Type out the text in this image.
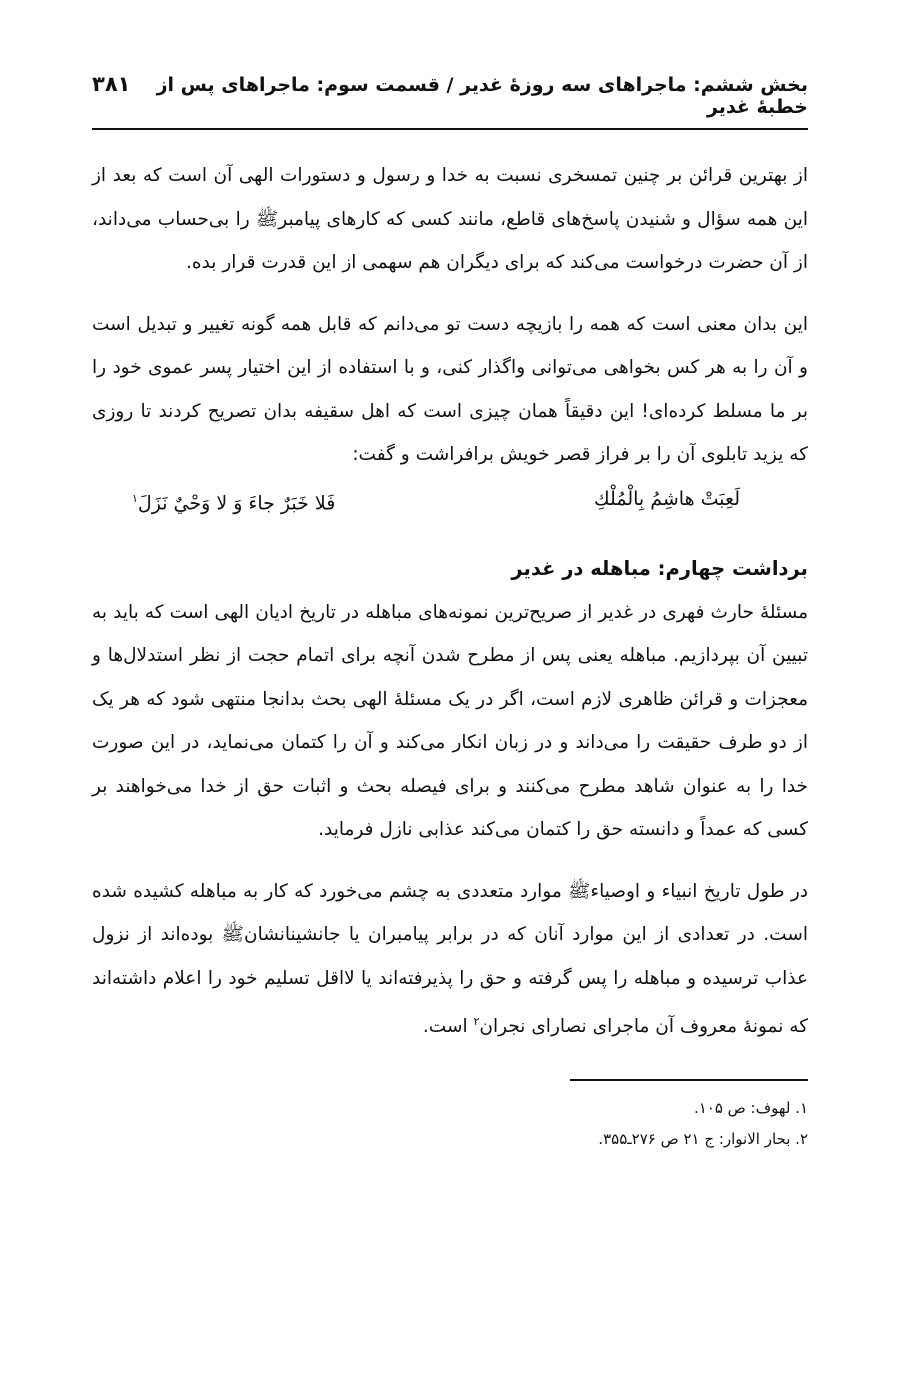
بخش ششم: ماجراهای سه روزهٔ غدیر / قسمت سوم: ماجراهای پس از خطبهٔ غدیر
۳۸۱

از بهترین قرائن بر چنین تمسخری نسبت به خدا و رسول و دستورات الهی آن است که بعد از این همه سؤال و شنیدن پاسخ‌های قاطع، مانند کسی که کارهای پیامبرﷺ را بی‌حساب می‌داند، از آن حضرت درخواست می‌کند که برای دیگران هم سهمی از این قدرت قرار بده.

این بدان معنی است که همه را بازیچه دست تو می‌دانم که قابل همه گونه تغییر و تبدیل است و آن را به هر کس بخواهی می‌توانی واگذار کنی، و با استفاده از این اختیار پسر عموی خود را بر ما مسلط کرده‌ای! این دقیقاً همان چیزی است که اهل سقیفه بدان تصریح کردند تا روزی که یزید تابلوی آن را بر فراز قصر خویش برافراشت و گفت:

لَعِبَتْ هاشِمُ بِالْمُلْكِ
فَلا خَبَرٌ جاءَ وَ لا وَحْيٌ نَزَلَ$^۱$
برداشت چهارم: مباهله در غدیر

مسئلهٔ حارث فهری در غدیر از صریح‌ترین نمونه‌های مباهله در تاریخ ادیان الهی است که باید به تبیین آن بپردازیم. مباهله یعنی پس از مطرح شدن آنچه برای اتمام حجت از نظر استدلال‌ها و معجزات و قرائن ظاهری لازم است، اگر در یک مسئلهٔ الهی بحث بدانجا منتهی شود که هر یک از دو طرف حقیقت را می‌داند و در زبان انکار می‌کند و آن را کتمان می‌نماید، در این صورت خدا را به عنوان شاهد مطرح می‌کنند و برای فیصله بحث و اثبات حق از خدا می‌خواهند بر کسی که عمداً و دانسته حق را کتمان می‌کند عذابی نازل فرماید.

در طول تاریخ انبیاء و اوصیاءﷺ موارد متعددی به چشم می‌خورد که کار به مباهله کشیده شده است. در تعدادی از این موارد آنان که در برابر پیامبران یا جانشینانشانﷺ بوده‌اند از نزول عذاب ترسیده و مباهله را پس گرفته و حق را پذیرفته‌اند یا لااقل تسلیم خود را اعلام داشته‌اند که نمونهٔ معروف آن ماجرای نصارای نجران$^۲$ است.

۱. لهوف: ص ۱۰۵.

۲. بحار الانوار: ج ۲۱ ص ۲۷۶ـ۳۵۵.
